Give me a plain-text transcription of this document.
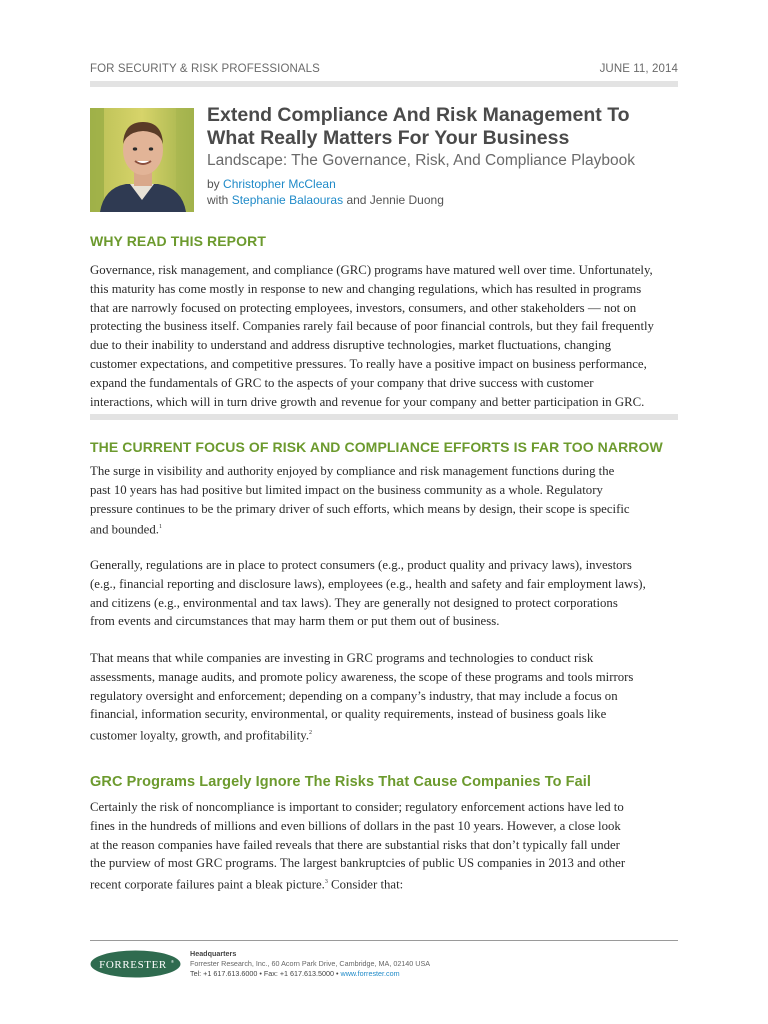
FOR SECURITY & RISK PROFESSIONALS	JUNE 11, 2014
Extend Compliance And Risk Management To
What Really Matters For Your Business
Landscape: The Governance, Risk, And Compliance Playbook
by Christopher McClean
with Stephanie Balaouras and Jennie Duong
WHY READ THIS REPORT
Governance, risk management, and compliance (GRC) programs have matured well over time. Unfortunately,
this maturity has come mostly in response to new and changing regulations, which has resulted in programs
that are narrowly focused on protecting employees, investors, consumers, and other stakeholders — not on
protecting the business itself. Companies rarely fail because of poor financial controls, but they fail frequently
due to their inability to understand and address disruptive technologies, market fluctuations, changing
customer expectations, and competitive pressures. To really have a positive impact on business performance,
expand the fundamentals of GRC to the aspects of your company that drive success with customer
interactions, which will in turn drive growth and revenue for your company and better participation in GRC.
THE CURRENT FOCUS OF RISK AND COMPLIANCE EFFORTS IS FAR TOO NARROW
The surge in visibility and authority enjoyed by compliance and risk management functions during the
past 10 years has had positive but limited impact on the business community as a whole. Regulatory
pressure continues to be the primary driver of such efforts, which means by design, their scope is specific
and bounded.$^1$
Generally, regulations are in place to protect consumers (e.g., product quality and privacy laws), investors
(e.g., financial reporting and disclosure laws), employees (e.g., health and safety and fair employment laws),
and citizens (e.g., environmental and tax laws). They are generally not designed to protect corporations
from events and circumstances that may harm them or put them out of business.
That means that while companies are investing in GRC programs and technologies to conduct risk
assessments, manage audits, and promote policy awareness, the scope of these programs and tools mirrors
regulatory oversight and enforcement; depending on a company’s industry, that may include a focus on
financial, information security, environmental, or quality requirements, instead of business goals like
customer loyalty, growth, and profitability.$^2$
GRC Programs Largely Ignore The Risks That Cause Companies To Fail
Certainly the risk of noncompliance is important to consider; regulatory enforcement actions have led to
fines in the hundreds of millions and even billions of dollars in the past 10 years. However, a close look
at the reason companies have failed reveals that there are substantial risks that don’t typically fall under
the purview of most GRC programs. The largest bankruptcies of public US companies in 2013 and other
recent corporate failures paint a bleak picture.$^3$ Consider that:
FORRESTER ®
Headquarters
Forrester Research, Inc., 60 Acorn Park Drive, Cambridge, MA, 02140 USA
Tel: +1 617.613.6000 • Fax: +1 617.613.5000 • www.forrester.com
